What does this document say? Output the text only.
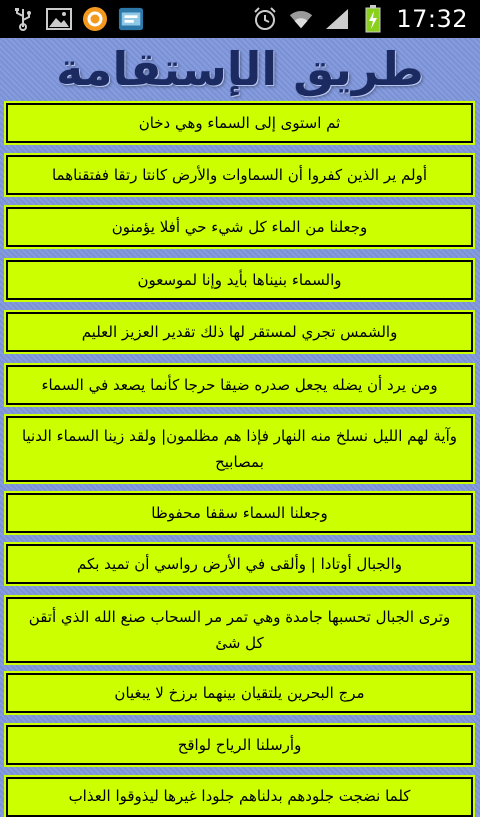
17:32
طريق الإستقامة
ثم استوى إلى السماء وهي دخان
أولم ير الذين كفروا أن السماوات والأرض كانتا رتقا ففتقناهما
وجعلنا من الماء كل شيء حي أفلا يؤمنون
والسماء بنيناها بأيد وإنا لموسعون
والشمس تجري لمستقر لها ذلك تقدير العزيز العليم
ومن يرد أن يضله يجعل صدره ضيقا حرجا كأنما يصعد في السماء
وآية لهم الليل نسلخ منه النهار فإذا هم مظلمون| ولقد زينا السماء الدنيا بمصابيح
وجعلنا السماء سقفا محفوظا
والجبال أوتادا | وألقى في الأرض رواسي أن تميد بكم
وترى الجبال تحسبها جامدة وهي تمر مر السحاب صنع الله الذي أتقن كل شئ
مرج البحرين يلتقيان بينهما برزخ لا يبغيان
وأرسلنا الرياح لواقح
كلما نضجت جلودهم بدلناهم جلودا غيرها ليذوقوا العذاب
